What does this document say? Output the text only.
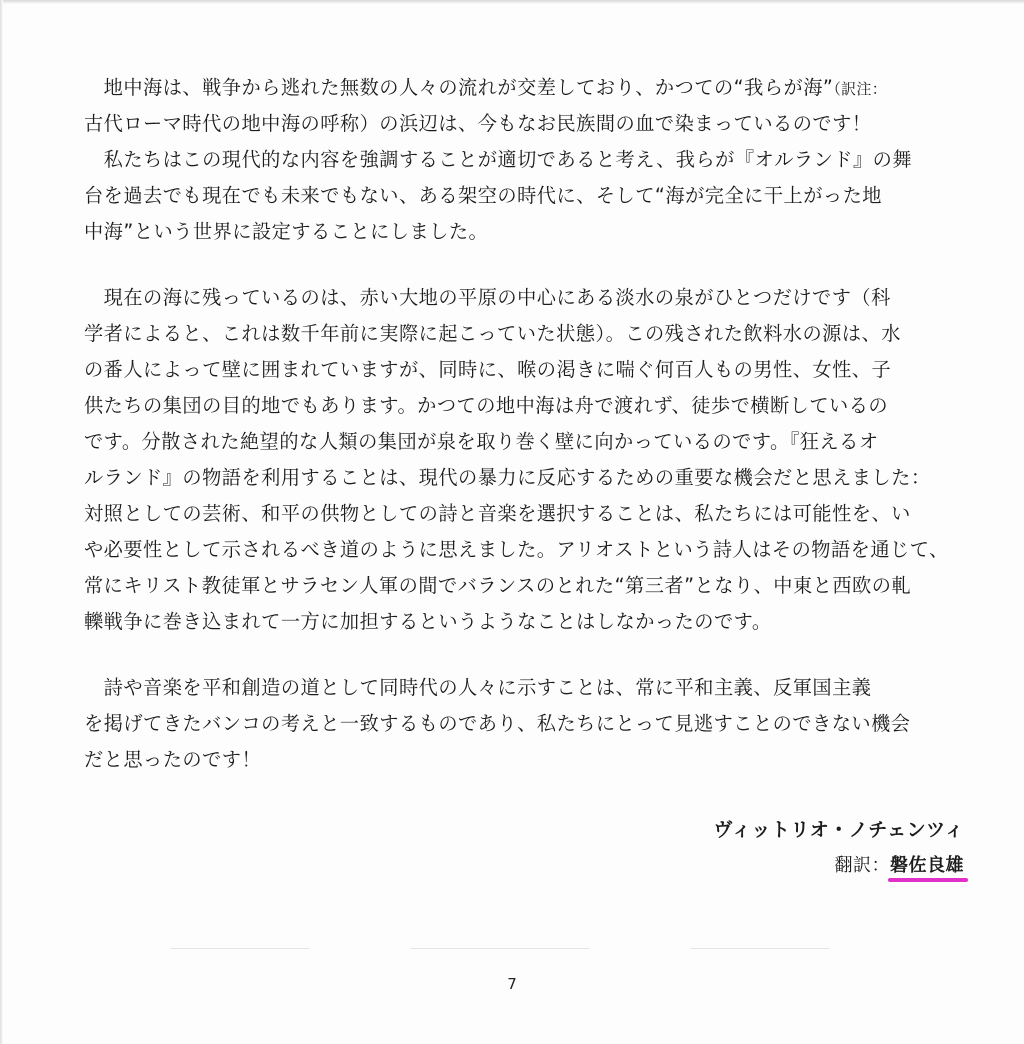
　地中海は、戦争から逃れた無数の人々の流れが交差しており、かつての“我らが海”（訳注：

古代ローマ時代の地中海の呼称）の浜辺は、今もなお民族間の血で染まっているのです！

　私たちはこの現代的な内容を強調することが適切であると考え、我らが『オルランド』の舞

台を過去でも現在でも未来でもない、ある架空の時代に、そして“海が完全に干上がった地

中海”という世界に設定することにしました。

　現在の海に残っているのは、赤い大地の平原の中心にある淡水の泉がひとつだけです（科

学者によると、これは数千年前に実際に起こっていた状態）。この残された飲料水の源は、水

の番人によって壁に囲まれていますが、同時に、喉の渇きに喘ぐ何百人もの男性、女性、子

供たちの集団の目的地でもあります。かつての地中海は舟で渡れず、徒歩で横断しているの

です。分散された絶望的な人類の集団が泉を取り巻く壁に向かっているのです。『狂えるオ

ルランド』の物語を利用することは、現代の暴力に反応するための重要な機会だと思えました：

対照としての芸術、和平の供物としての詩と音楽を選択することは、私たちには可能性を、い

や必要性として示されるべき道のように思えました。アリオストという詩人はその物語を通じて、

常にキリスト教徒軍とサラセン人軍の間でバランスのとれた“第三者”となり、中東と西欧の軋

轢戦争に巻き込まれて一方に加担するというようなことはしなかったのです。

　詩や音楽を平和創造の道として同時代の人々に示すことは、常に平和主義、反軍国主義

を掲げてきたバンコの考えと一致するものであり、私たちにとって見逃すことのできない機会

だと思ったのです！

ヴィットリオ・ノチェンツィ
翻訳：磐佐良雄
7
